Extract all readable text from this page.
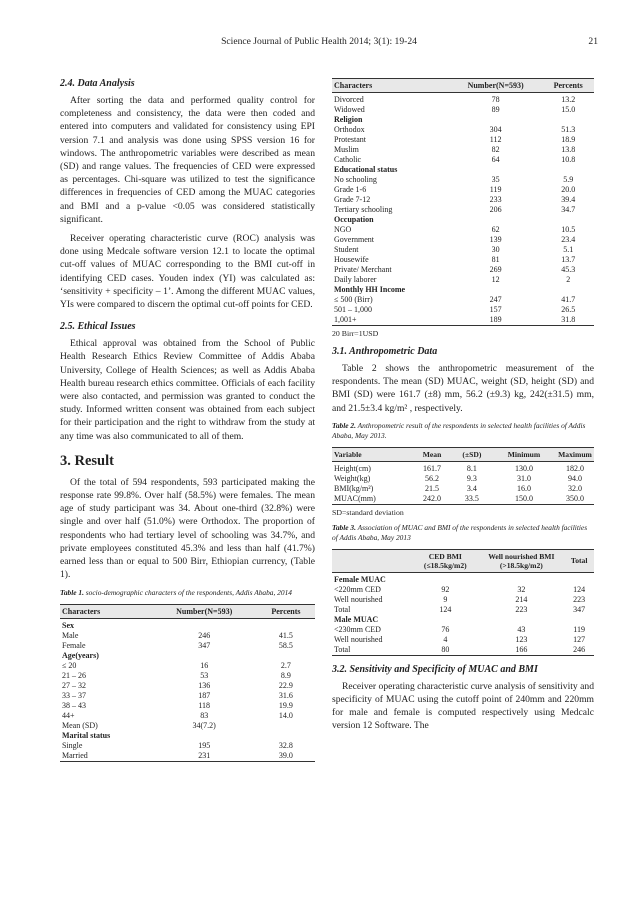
Science Journal of Public Health 2014; 3(1): 19-24	21
2.4. Data Analysis

After sorting the data and performed quality control for completeness and consistency, the data were then coded and entered into computers and validated for consistency using EPI version 7.1 and analysis was done using SPSS version 16 for windows. The anthropometric variables were described as mean (SD) and range values. The frequencies of CED were expressed as percentages. Chi-square was utilized to test the significance differences in frequencies of CED among the MUAC categories and BMI and a p-value <0.05 was considered statistically significant.

Receiver operating characteristic curve (ROC) analysis was done using Medcale software version 12.1 to locate the optimal cut-off values of MUAC corresponding to the BMI cut-off in identifying CED cases. Youden index (YI) was calculated as: ‘sensitivity + specificity – 1’. Among the different MUAC values, YIs were compared to discern the optimal cut-off points for CED.

2.5. Ethical Issues

Ethical approval was obtained from the School of Public Health Research Ethics Review Committee of Addis Ababa University, College of Health Sciences; as well as Addis Ababa Health bureau research ethics committee. Officials of each facility were also contacted, and permission was granted to conduct the study. Informed written consent was obtained from each subject for their participation and the right to withdraw from the study at any time was also communicated to all of them.

3. Result

Of the total of 594 respondents, 593 participated making the response rate 99.8%. Over half (58.5%) were females. The mean age of study participant was 34. About one-third (32.8%) were single and over half (51.0%) were Orthodox. The proportion of respondents who had tertiary level of schooling was 34.7%, and private employees constituted 45.3% and less than half (41.7%) earned less than or equal to 500 Birr, Ethiopian currency, (Table 1).

Table 1. socio-demographic characters of the respondents, Addis Ababa, 2014
Characters	Number(N=593)	Percents
Sex		
Male	246	41.5
Female	347	58.5
Age(years)		
≤ 20	16	2.7
21 – 26	53	8.9
27 – 32	136	22.9
33 – 37	187	31.6
38 – 43	118	19.9
44+	83	14.0
Mean (SD)	34(7.2)	
Marital status		
Single	195	32.8
Married	231	39.0
Characters	Number(N=593)	Percents
Divorced	78	13.2
Widowed	89	15.0
Religion		
Orthodox	304	51.3
Protestant	112	18.9
Muslim	82	13.8
Catholic	64	10.8
Educational status		
No schooling	35	5.9
Grade 1-6	119	20.0
Grade 7-12	233	39.4
Tertiary schooling	206	34.7
Occupation		
NGO	62	10.5
Government	139	23.4
Student	30	5.1
Housewife	81	13.7
Private/ Merchant	269	45.3
Daily laborer	12	2
Monthly HH Income		
≤ 500 (Birr)	247	41.7
501 – 1,000	157	26.5
1,001+	189	31.8
20 Birr=1USD
3.1. Anthropometric Data

Table 2 shows the anthropometric measurement of the respondents. The mean (SD) MUAC, weight (SD, height (SD) and BMI (SD) were 161.7 (±8) mm, 56.2 (±9.3) kg, 242(±31.5) mm, and 21.5±3.4 kg/m² , respectively.

Table 2. Anthropometric result of the respondents in selected health facilities of Addis Ababa, May 2013.
Variable	Mean	(±SD)	Minimum	Maximum
Height(cm)	161.7	8.1	130.0	182.0
Weight(kg)	56.2	9.3	31.0	94.0
BMI(kg/m²)	21.5	3.4	16.0	32.0
MUAC(mm)	242.0	33.5	150.0	350.0
SD=standard deviation
Table 3. Association of MUAC and BMI of the respondents in selected health facilities of Addis Ababa, May 2013
	CED BMI (≤18.5kg/m2)	Well nourished BMI (>18.5kg/m2)	Total
Female MUAC			
<220mm CED	92	32	124
Well nourished	9	214	223
Total	124	223	347
Male MUAC			
<230mm CED	76	43	119
Well nourished	4	123	127
Total	80	166	246
3.2. Sensitivity and Specificity of MUAC and BMI

Receiver operating characteristic curve analysis of sensitivity and specificity of MUAC using the cutoff point of 240mm and 220mm for male and female is computed respectively using Medcalc version 12 Software. The
